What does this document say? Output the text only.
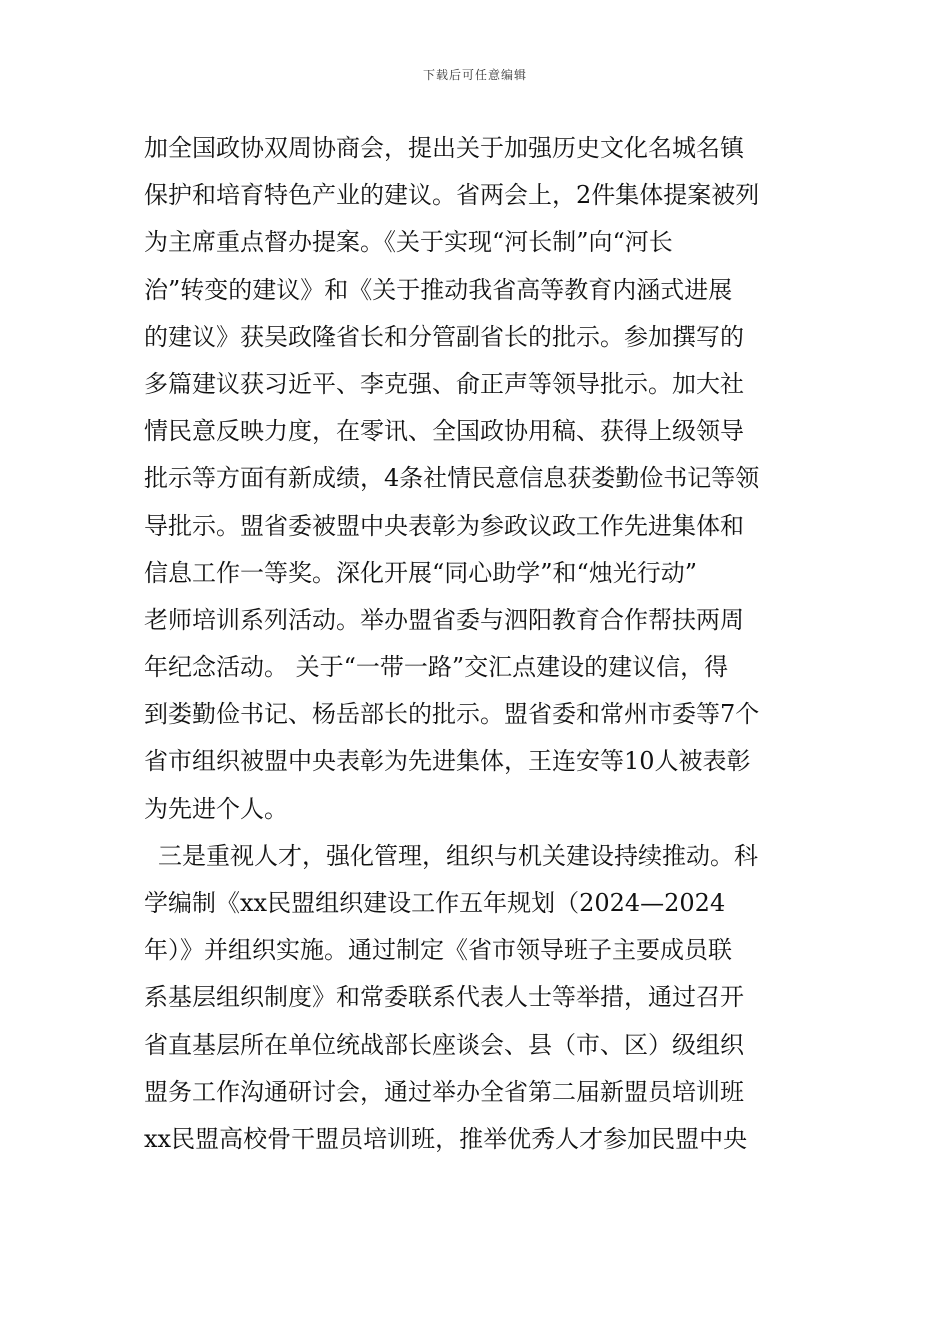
下载后可任意编辑
加全国政协双周协商会，提出关于加强历史文化名城名镇
保护和培育特色产业的建议。省两会上，2件集体提案被列
为主席重点督办提案。《关于实现“河长制”向“河长
治”转变的建议》和《关于推动我省高等教育内涵式进展
的建议》获吴政隆省长和分管副省长的批示。参加撰写的
多篇建议获习近平、李克强、俞正声等领导批示。加大社
情民意反映力度，在零讯、全国政协用稿、获得上级领导
批示等方面有新成绩，4条社情民意信息获娄勤俭书记等领
导批示。盟省委被盟中央表彰为参政议政工作先进集体和
信息工作一等奖。深化开展“同心助学”和“烛光行动”
老师培训系列活动。举办盟省委与泗阳教育合作帮扶两周
年纪念活动。 关于“一带一路”交汇点建设的建议信，得
到娄勤俭书记、杨岳部长的批示。盟省委和常州市委等7个
省市组织被盟中央表彰为先进集体，王连安等10人被表彰
为先进个人。
三是重视人才，强化管理，组织与机关建设持续推动。科
学编制《xx民盟组织建设工作五年规划（2024—2024
年）》并组织实施。通过制定《省市领导班子主要成员联
系基层组织制度》和常委联系代表人士等举措，通过召开
省直基层所在单位统战部长座谈会、县（市、区）级组织
盟务工作沟通研讨会，通过举办全省第二届新盟员培训班
xx民盟高校骨干盟员培训班，推举优秀人才参加民盟中央
